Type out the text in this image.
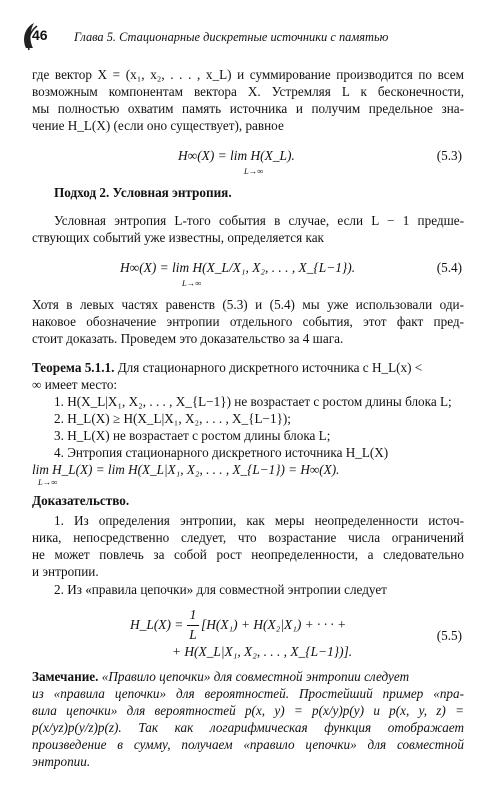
46 Глава 5. Стационарные дискретные источники с памятью
где вектор X = (x₁, x₂, . . . , x_L) и суммирование производится по всем
возможным компонентам вектора X. Устремляя L к бесконечности,
мы полностью охватим память источника и получим предельное зна-
чение H_L(X) (если оно существует), равное
H∞(X) = lim H(X_L).
L→∞
(5.3)
Подход 2. Условная энтропия.
Условная энтропия L-того события в случае, если L − 1 предше-
ствующих событий уже известны, определяется как
H∞(X) = lim H(X_L/X₁, X₂, . . . , X_{L−1}).
L→∞
(5.4)
Хотя в левых частях равенств (5.3) и (5.4) мы уже использовали оди-
наковое обозначение энтропии отдельного события, этот факт пред-
стоит доказать. Проведем это доказательство за 4 шага.
Теорема 5.1.1. Для стационарного дискретного источника с H_L(x) <
∞ имеет место:
1. H(X_L|X₁, X₂, . . . , X_{L−1}) не возрастает с ростом длины блока L;
2. H_L(X) ≥ H(X_L|X₁, X₂, . . . , X_{L−1});
3. H_L(X) не возрастает с ростом длины блока L;
4. Энтропия стационарного дискретного источника H_L(X)
lim H_L(X) = lim H(X_L|X₁, X₂, . . . , X_{L−1}) = H∞(X).
L→∞
Доказательство.
1. Из определения энтропии, как меры неопределенности источ-
ника, непосредственно следует, что возрастание числа ограничений
не может повлечь за собой рост неопределенности, а следовательно
и энтропии.
2. Из «правила цепочки» для совместной энтропии следует
H_L(X) =
1
L
[H(X₁) + H(X₂|X₁) + · · · +
+ H(X_L|X₁, X₂, . . . , X_{L−1})].
(5.5)
Замечание. «Правило цепочки» для совместной энтропии следует
из «правила цепочки» для вероятностей. Простейший пример «пра-
вила цепочки» для вероятностей p(x, y) = p(x/y)p(y) и p(x, y, z) =
p(x/yz)p(y/z)p(z). Так как логарифмическая функция отображает
произведение в сумму, получаем «правило цепочки» для совместной
энтропии.
